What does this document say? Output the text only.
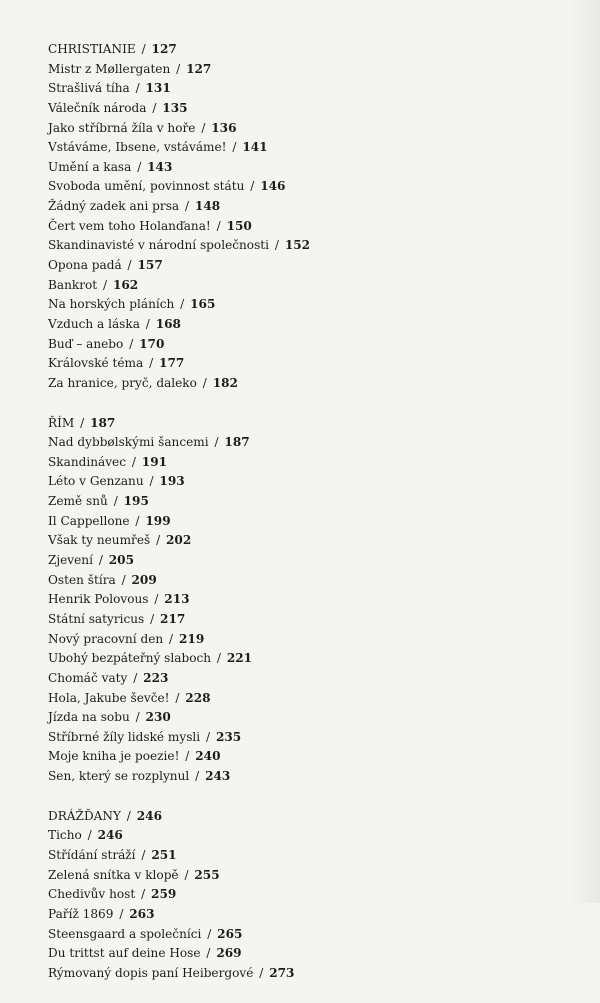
CHRISTIANIE / 127
Mistr z Møllergaten / 127
Strašlivá tíha / 131
Válečník národa / 135
Jako stříbrná žíla v hoře / 136
Vstáváme, Ibsene, vstáváme! / 141
Umění a kasa / 143
Svoboda umění, povinnost státu / 146
Žádný zadek ani prsa / 148
Čert vem toho Holanďana! / 150
Skandinavisté v národní společnosti / 152
Opona padá / 157
Bankrot / 162
Na horských pláních / 165
Vzduch a láska / 168
Buď – anebo / 170
Královské téma / 177
Za hranice, pryč, daleko / 182
ŘÍM / 187
Nad dybbølskými šancemi / 187
Skandinávec / 191
Léto v Genzanu / 193
Země snů / 195
Il Cappellone / 199
Však ty neumřeš / 202
Zjevení / 205
Osten štíra / 209
Henrik Polovous / 213
Státní satyricus / 217
Nový pracovní den / 219
Ubohý bezpáteřný slaboch / 221
Chomáč vaty / 223
Hola, Jakube ševče! / 228
Jízda na sobu / 230
Stříbrné žíly lidské mysli / 235
Moje kniha je poezie! / 240
Sen, který se rozplynul / 243
DRÁŽĎANY / 246
Ticho / 246
Střídání stráží / 251
Zelená snítka v klopě / 255
Chedivův host / 259
Paříž 1869 / 263
Steensgaard a společníci / 265
Du trittst auf deine Hose / 269
Rýmovaný dopis paní Heibergové / 273
